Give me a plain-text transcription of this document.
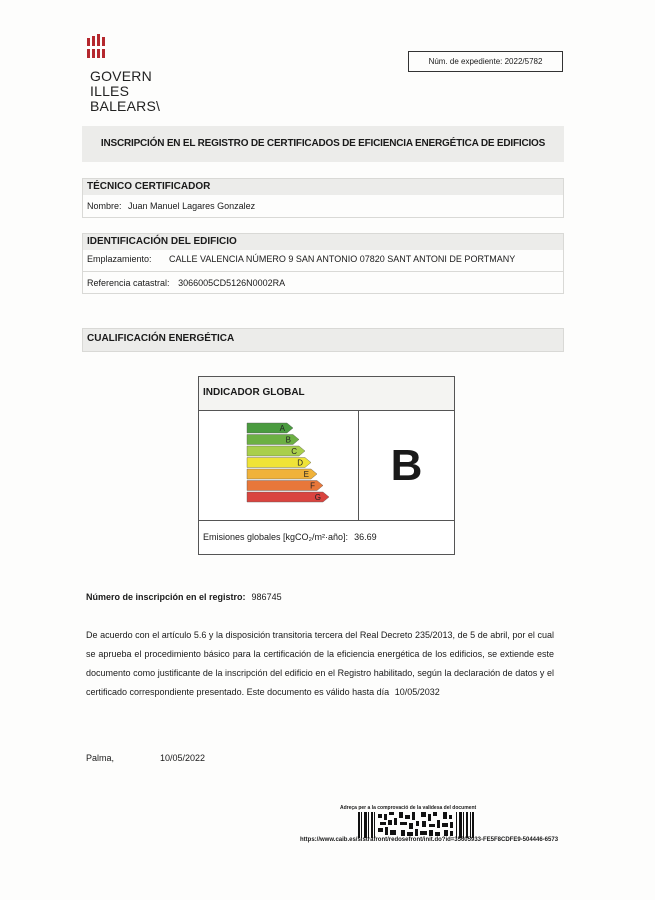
GOVERN
ILLES
BALEARS\
Núm. de expediente: 2022/5782
INSCRIPCIÓN EN EL REGISTRO DE CERTIFICADOS DE EFICIENCIA ENERGÉTICA DE EDIFICIOS
TÉCNICO CERTIFICADOR
Nombre: Juan Manuel Lagares Gonzalez
IDENTIFICACIÓN DEL EDIFICIO
Emplazamiento:	CALLE VALENCIA NÚMERO 9 SAN ANTONIO 07820 SANT ANTONI DE PORTMANY
Referencia catastral: 3066005CD5126N0002RA
CUALIFICACIÓN ENERGÉTICA
INDICADOR GLOBAL
A
B
C
D
E
F
G
B
Emisiones globales [kgCO₂/m²·año]: 36.69
Número de inscripción en el registro: 986745
De acuerdo con el artículo 5.6 y la disposición transitoria tercera del Real Decreto 235/2013, de 5 de abril, por el cual se aprueba el procedimiento básico para la certificación de la eficiencia energética de los edificios, se extiende este documento como justificante de la inscripción del edificio en el Registro habilitado, según la declaración de datos y el certificado correspondiente presentado. Este documento es válido hasta día 10/05/2032
Palma,	10/05/2022
Adreça per a la comprovació de la validesa del document
https://www.caib.es/sistrafront/redosefront/init.do?id=35605933-FE5F8CDFE9-504446-6573
